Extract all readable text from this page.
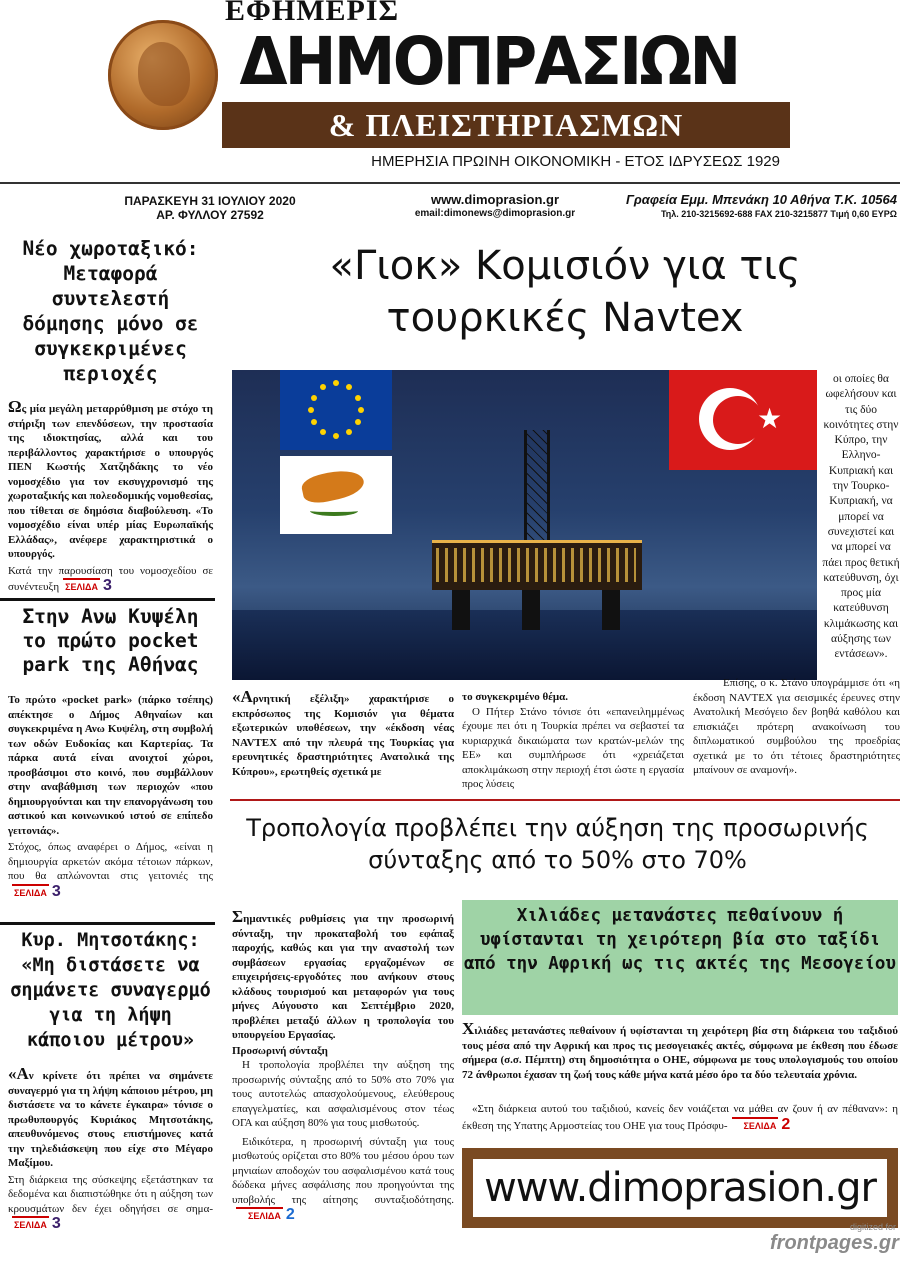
ΕΦΗΜΕΡΙΣ
ΔΗΜΟΠΡΑΣΙΩΝ
& ΠΛΕΙΣΤΗΡΙΑΣΜΩΝ
ΗΜΕΡΗΣΙΑ ΠΡΩΙΝΗ ΟΙΚΟΝΟΜΙΚΗ - ΕΤΟΣ ΙΔΡΥΣΕΩΣ 1929
ΠΑΡΑΣΚΕΥΗ 31 ΙΟΥΛΙΟΥ 2020
ΑΡ. ΦΥΛΛΟΥ 27592
www.dimoprasion.gr
email:dimonews@dimoprasion.gr
Γραφεία Εμμ. Μπενάκη 10 Αθήνα Τ.Κ. 10564
Τηλ. 210-3215692-688 FAX 210-3215877 Τιμή 0,60 ΕΥΡΩ
Νέο χωροταξικό: Μεταφορά συντελεστή δόμησης μόνο σε συγκεκριμένες περιοχές
Ως μία μεγάλη μεταρρύθμιση με στόχο τη στήριξη των επενδύσεων, την προστασία της ιδιοκτησίας, αλλά και του περιβάλλοντος χαρακτήρισε ο υπουργός ΠΕΝ Κωστής Χατζηδάκης το νέο νομοσχέδιο για τον εκσυγχρονισμό της χωροταξικής και πολεοδομικής νομοθεσίας, που τίθεται σε δημόσια διαβούλευση. «Το νομοσχέδιο είναι υπέρ μίας Ευρωπαϊκής Ελλάδας», ανέφερε χαρακτηριστικά ο υπουργός.
Κατά την παρουσίαση του νομοσχεδίου σε συνέντευξη ΣΕΛΙΔΑ 3
Στην Ανω Κυψέλη το πρώτο pocket park της Αθήνας
Το πρώτο «pocket park» (πάρκο τσέπης) απέκτησε ο Δήμος Αθηναίων και συγκεκριμένα η Ανω Κυψέλη, στη συμβολή των οδών Ευδοκίας και Καρτερίας. Τα πάρκα αυτά είναι ανοιχτοί χώροι, προσβάσιμοι στο κοινό, που συμβάλλουν στην αναβάθμιση των περιοχών «που δημιουργούνται και την επανοργάνωση του αστικού και κοινωνικού ιστού σε επίπεδο γειτονιάς».
Στόχος, όπως αναφέρει ο Δήμος, «είναι η δημιουργία αρκετών ακόμα τέτοιων πάρκων, που θα απλώνονται στις γειτονιές τηςΣΕΛΙΔΑ 3
Κυρ. Μητσοτάκης: «Μη διστάσετε να σημάνετε συναγερμό για τη λήψη κάποιου μέτρου»
«Αν κρίνετε ότι πρέπει να σημάνετε συναγερμό για τη λήψη κάποιου μέτρου, μη διστάσετε να το κάνετε έγκαιρα» τόνισε ο πρωθυπουργός Κυριάκος Μητσοτάκης, απευθυνόμενος στους επιστήμονες κατά την τηλεδιάσκεψη που είχε στο Μέγαρο Μαξίμου.
Στη διάρκεια της σύσκεψης εξετάστηκαν τα δεδομένα και διαπιστώθηκε ότι η αύξηση των κρουσμάτων δεν έχει οδηγήσει σε σημα-ΣΕΛΙΔΑ 3
«Γιοκ» Κομισιόν για τις τουρκικές Navtex
★
οι οποίες θα ωφελήσουν και τις δύο κοινότητες στην Κύπρο, την Ελληνο-Κυπριακή και την Τουρκο-Κυπριακή, να μπορεί να συνεχιστεί και να μπορεί να πάει προς θετική κατεύθυνση, όχι προς μία κατεύθυνση κλιμάκωσης και αύξησης των εντάσεων».
«Αρνητική εξέλιξη» χαρακτήρισε ο εκπρόσωπος της Κομισιόν για θέματα εξωτερικών υποθέσεων, την «έκδοση νέας NAVTEX από την πλευρά της Τουρκίας για ερευνητικές δραστηριότητες Ανατολικά της Κύπρου», ερωτηθείς σχετικά με
το συγκεκριμένο θέμα.
Ο Πήτερ Στάνο τόνισε ότι «επανειλημμένως έχουμε πει ότι η Τουρκία πρέπει να σεβαστεί τα κυριαρχικά δικαιώματα των κρατών-μελών της ΕΕ» και συμπλήρωσε ότι «χρειάζεται αποκλιμάκωση στην περιοχή έτσι ώστε η εργασία προς λύσεις
Επίσης, ο κ. Στάνο υπογράμμισε ότι «η έκδοση NAVTEX για σεισμικές έρευνες στην Ανατολική Μεσόγειο δεν βοηθά καθόλου και επισκιάζει πρότερη ανακοίνωση του διπλωματικού συμβούλου της προεδρίας σχετικά με το ότι τέτοιες δραστηριότητες μπαίνουν σε αναμονή».
Τροπολογία προβλέπει την αύξηση της προσωρινής σύνταξης από το 50% στο 70%
Σημαντικές ρυθμίσεις για την προσωρινή σύνταξη, την προκαταβολή του εφάπαξ παροχής, καθώς και για την αναστολή των συμβάσεων εργασίας εργαζομένων σε επιχειρήσεις-εργοδότες που ανήκουν στους κλάδους τουρισμού και μεταφορών για τους μήνες Αύγουστο και Σεπτέμβριο 2020, προβλέπει μεταξύ άλλων η τροπολογία του υπουργείου Εργασίας.
Προσωρινή σύνταξη
Η τροπολογία προβλέπει την αύξηση της προσωρινής σύνταξης από το 50% στο 70% για τους αυτοτελώς απασχολούμενους, ελεύθερους επαγγελματίες, και ασφαλισμένους στον τέως ΟΓΑ και αύξηση 80% για τους μισθωτούς.
Ειδικότερα, η προσωρινή σύνταξη για τους μισθωτούς ορίζεται στο 80% του μέσου όρου των μηνιαίων αποδοχών του ασφαλισμένου κατά τους δώδεκα μήνες ασφάλισης που προηγούνται της υποβολής της αίτησης συνταξιοδότησης.ΣΕΛΙΔΑ 2
Χιλιάδες μετανάστες πεθαίνουν ή υφίστανται τη χειρότερη βία στο ταξίδι από την Αφρική ως τις ακτές της Μεσογείου
Χιλιάδες μετανάστες πεθαίνουν ή υφίστανται τη χειρότερη βία στη διάρκεια του ταξιδιού τους μέσα από την Αφρική και προς τις μεσογειακές ακτές, σύμφωνα με έκθεση που έδωσε σήμερα (σ.σ. Πέμπτη) στη δημοσιότητα ο ΟΗΕ, σύμφωνα με τους υπολογισμούς του οποίου 72 άνθρωποι έχασαν τη ζωή τους κάθε μήνα κατά μέσο όρο τα δύο τελευταία χρόνια.
«Στη διάρκεια αυτού του ταξιδιού, κανείς δεν νοιάζεται να μάθει αν ζουν ή αν πέθαναν»: η έκθεση της Υπατης Αρμοστείας του ΟΗΕ για τους Πρόσφυ- ΣΕΛΙΔΑ 2
www.dimoprasion.gr
digitized for
frontpages.gr
